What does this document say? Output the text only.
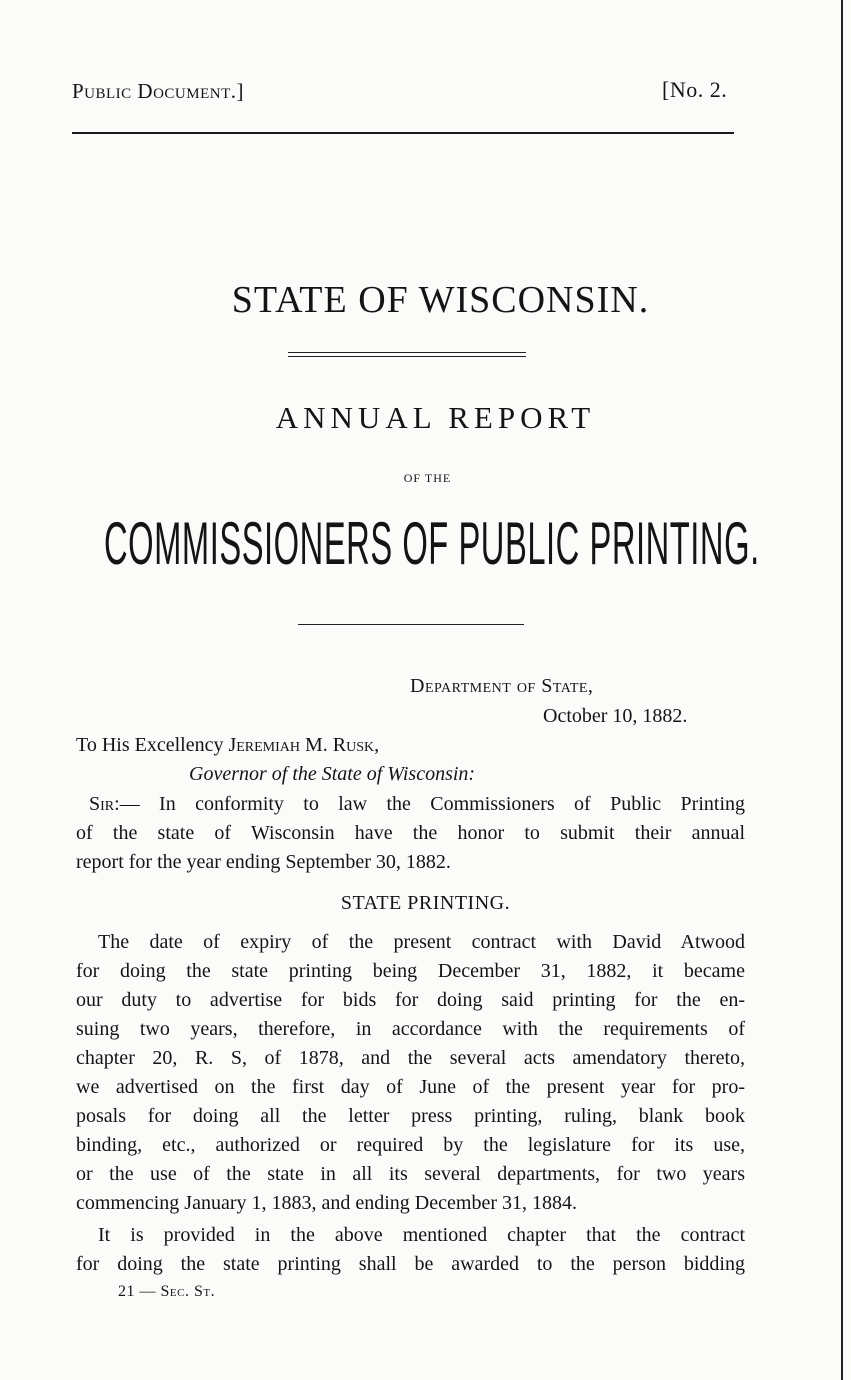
Public Document.]	[No. 2.
STATE OF WISCONSIN.
ANNUAL REPORT
OF THE
COMMISSIONERS OF PUBLIC PRINTING.
Department of State,
October 10, 1882.
To His Excellency Jeremiah M. Rusk,
Governor of the State of Wisconsin:
Sir:— In conformity to law the Commissioners of Public Printing
of the state of Wisconsin have the honor to submit their annual
report for the year ending September 30, 1882.
STATE PRINTING.
The date of expiry of the present contract with David Atwood
for doing the state printing being December 31, 1882, it became
our duty to advertise for bids for doing said printing for the en-
suing two years, therefore, in accordance with the requirements of
chapter 20, R. S, of 1878, and the several acts amendatory thereto,
we advertised on the first day of June of the present year for pro-
posals for doing all the letter press printing, ruling, blank book
binding, etc., authorized or required by the legislature for its use,
or the use of the state in all its several departments, for two years
commencing January 1, 1883, and ending December 31, 1884.
It is provided in the above mentioned chapter that the contract
for doing the state printing shall be awarded to the person bidding
21 — Sec. St.
